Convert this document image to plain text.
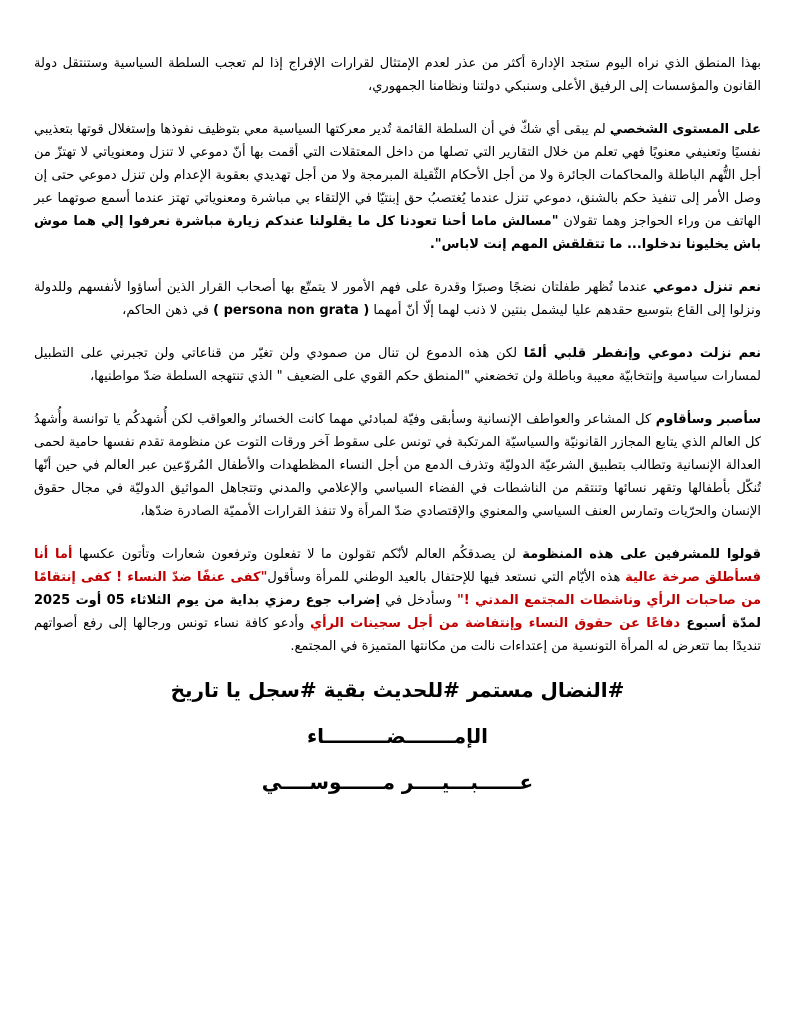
بهذا المنطق الذي نراه اليوم ستجد الإدارة أكثر من عذر لعدم الإمتثال لقرارات الإفراج إذا لم تعجب السلطة السياسية وستنتقل دولة القانون والمؤسسات إلى الرفيق الأعلى وسنبكي دولتنا ونظامنا الجمهوري،

على المستوى الشخصي لم يبقى أي شكّ في أن السلطة القائمة تُدير معركتها السياسية معي بتوظيف نفوذها وإستغلال قوتها بتعذيبي نفسيًا وتعنيفي معنويًا فهي تعلم من خلال التقارير التي تصلها من داخل المعتقلات التي أقمت بها أنّ دموعي لا تنزل ومعنوياتي لا تهتزّ من أجل التُّهم الباطلة والمحاكمات الجائرة ولا من أجل الأحكام الثّقيلة المبرمجة ولا من أجل تهديدي بعقوبة الإعدام ولن تنزل دموعي حتى إن وصل الأمر إلى تنفيذ حكم بالشنق، دموعي تنزل عندما يُغتصبُ حق إبنتيّا في الإلتقاء بي مباشرة ومعنوياتي تهتز عندما أسمع صوتهما عبر الهاتف من وراء الحواجز وهما تقولان "مسالش ماما أحنا تعودنا كل ما يقلولنا عندكم زيارة مباشرة نعرفوا إلي هما موش باش يخليونا ندخلوا... ما تتقلقش المهم إنت لاباس".

نعم تنزل دموعي عندما تُظهر طفلتان نضجًا وصبرًا وقدرة على فهم الأمور لا يتمتّع بها أصحاب القرار الذين أساؤوا لأنفسهم وللدولة ونزلوا إلى القاع بتوسيع حقدهم عليا ليشمل بنتين لا ذنب لهما إلّا أنّ أمهما ( persona non grata ) في ذهن الحاكم،

نعم نزلت دموعي وإنفطر قلبي ألمًا لكن هذه الدموع لن تنال من صمودي ولن تغيّر من قناعاتي ولن تجبرني على التطبيل لمسارات سياسية وإنتخابيّة معيبة وباطلة ولن تخضعني "المنطق حكم القوي على الضعيف " الذي تنتهجه السلطة ضدّ مواطنيها،

سأصبر وسأقاوم كل المشاعر والعواطف الإنسانية وسأبقى وفيّة لمبادئي مهما كانت الخسائر والعواقب لكن أُشهدكُم يا توانسة وأُشهدُ كل العالم الذي يتابع المجازر القانونيّة والسياسيّة المرتكبة في تونس على سقوط آخر ورقات التوت عن منظومة تقدم نفسها حامية لحمى العدالة الإنسانية وتطالب بتطبيق الشرعيّة الدوليّة وتذرف الدمع من أجل النساء المظطهدات والأطفال المُروّعين عبر العالم في حين أنّها تُنكّل بأطفالها وتقهر نسائها وتنتقم من الناشطات في الفضاء السياسي والإعلامي والمدني وتتجاهل المواثيق الدوليّة في مجال حقوق الإنسان والحرّيات وتمارس العنف السياسي والمعنوي والإقتصادي ضدّ المرأة ولا تنفذ القرارات الأمميّة الصادرة ضدّها،

قولوا للمشرفين على هذه المنظومة لن يصدقكُم العالم لأنّكم تقولون ما لا تفعلون وترفعون شعارات وتأتون عكسها أما أنا فسأطلق صرخة عالية هذه الأيّام التي نستعد فيها للإحتفال بالعيد الوطني للمرأة وسأقول"كفى عنفًا ضدّ النساء ! كفى إنتقامًا من صاحبات الرأي وناشطات المجتمع المدني !" وسأدخل في إضراب جوع رمزي بداية من يوم الثلاثاء 05 أوت 2025 لمدّة أسبوع دفاعًا عن حقوق النساء وإنتفاضة من أجل سجينات الرأي وأدعو كافة نساء تونس ورجالها إلى رفع أصواتهم تنديدًا بما تتعرض له المرأة التونسية من إعتداءات نالت من مكانتها المتميزة في المجتمع.

#النضال مستمر #للحديث بقية #سجل يا تاريخ

الإمـــــــضـــــــــاء

عــــــبـــيــــر مــــــوســــي
